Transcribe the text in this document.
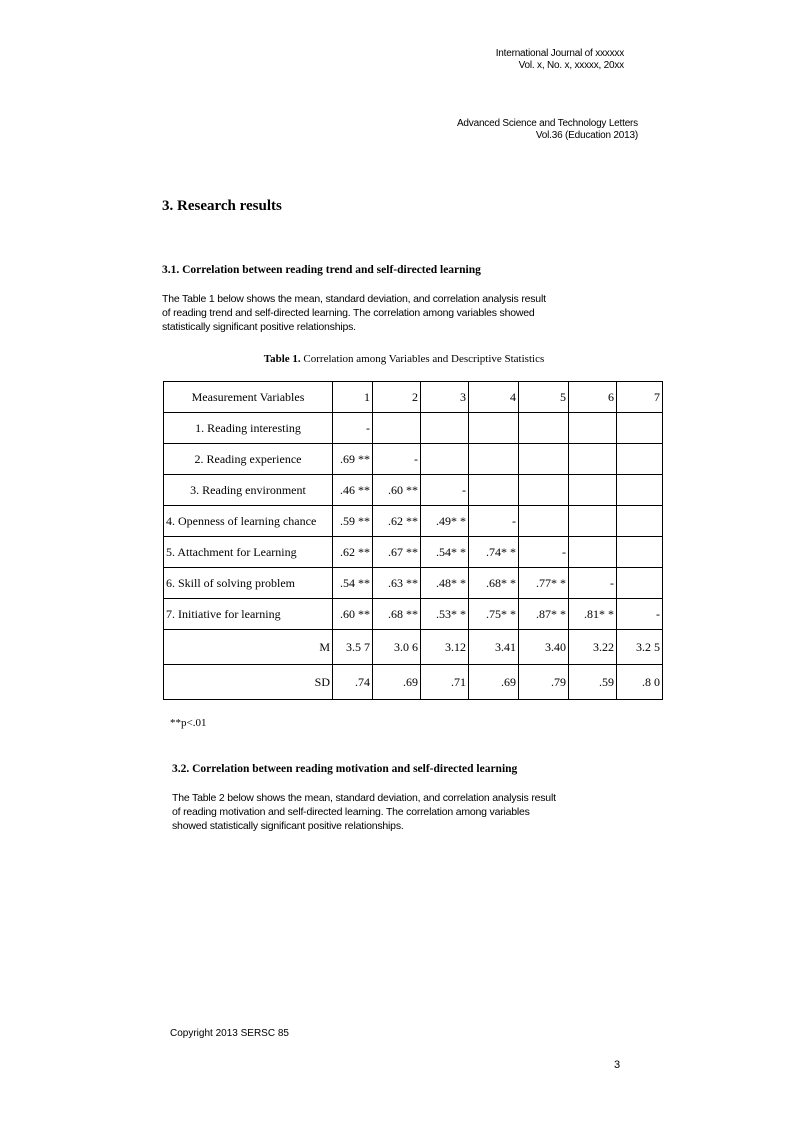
International Journal of xxxxxx
Vol. x, No. x, xxxxx, 20xx
Advanced Science and Technology Letters
Vol.36 (Education 2013)
3. Research results
3.1. Correlation between reading trend and self-directed learning
The Table 1 below shows the mean, standard deviation, and correlation analysis result
of reading trend and self-directed learning. The correlation among variables showed
statistically significant positive relationships.
Table 1. Correlation among Variables and Descriptive Statistics
Measurement Variables	1	2	3	4	5	6	7
1. Reading interesting	-						
2. Reading experience	.69 **	-					
3. Reading environment	.46 **	.60 **	-				
4. Openness of learning chance	.59 **	.62 **	.49* *	-			
5. Attachment for Learning	.62 **	.67 **	.54* *	.74* *	-		
6. Skill of solving problem	.54 **	.63 **	.48* *	.68* *	.77* *	-	
7. Initiative for learning	.60 **	.68 **	.53* *	.75* *	.87* *	.81* *	-
M	3.5 7	3.0 6	3.12	3.41	3.40	3.22	3.2 5
SD	.74	.69	.71	.69	.79	.59	.8 0
**p<.01
3.2. Correlation between reading motivation and self-directed learning
The Table 2 below shows the mean, standard deviation, and correlation analysis result
of reading motivation and self-directed learning. The correlation among variables
showed statistically significant positive relationships.
Copyright 2013 SERSC 85
3
